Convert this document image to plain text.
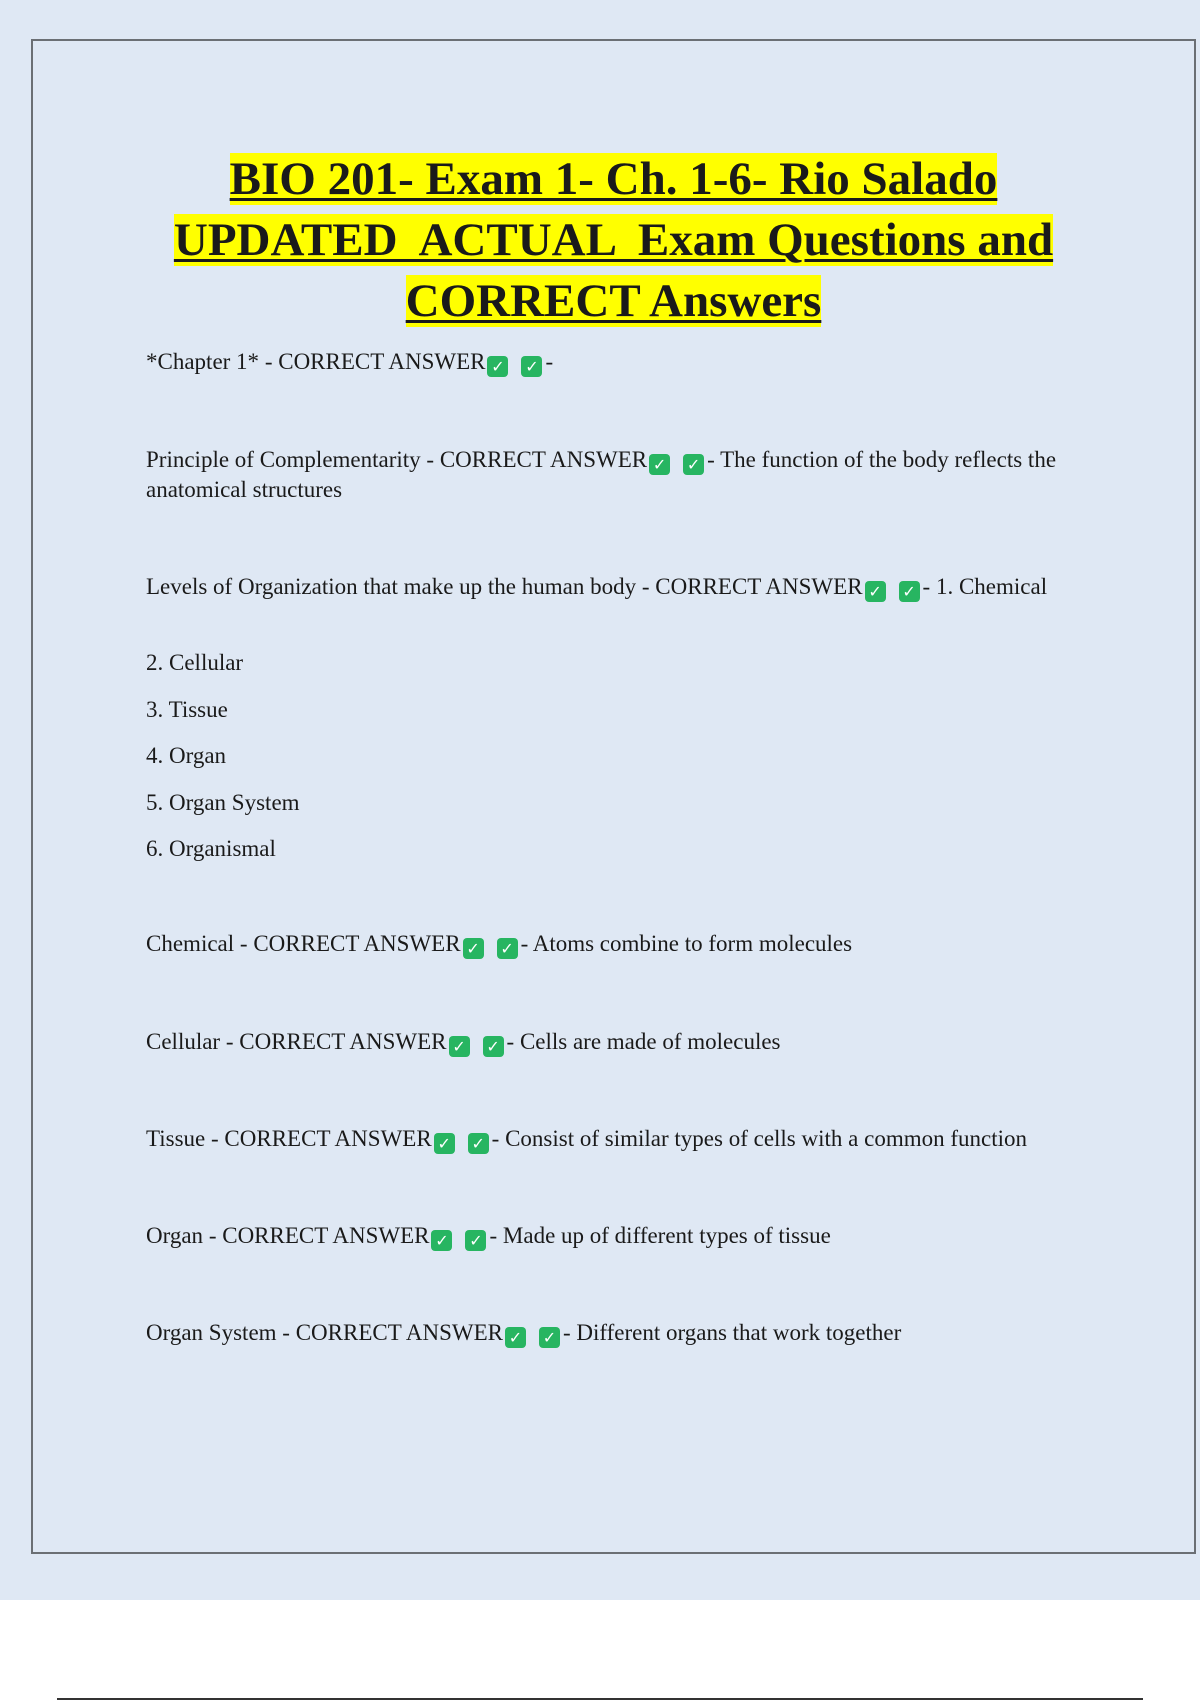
BIO 201- Exam 1- Ch. 1-6- Rio Salado
UPDATED  ACTUAL  Exam Questions and
CORRECT Answers

*Chapter 1* - CORRECT ANSWER ✓ ✓ -

Principle of Complementarity - CORRECT ANSWER ✓ ✓ - The function of the body reflects the anatomical structures

Levels of Organization that make up the human body - CORRECT ANSWER ✓ ✓ - 1. Chemical

2. Cellular

3. Tissue

4. Organ

5. Organ System

6. Organismal

Chemical - CORRECT ANSWER ✓ ✓ - Atoms combine to form molecules

Cellular - CORRECT ANSWER ✓ ✓ - Cells are made of molecules

Tissue - CORRECT ANSWER ✓ ✓ - Consist of similar types of cells with a common function

Organ - CORRECT ANSWER ✓ ✓ - Made up of different types of tissue

Organ System - CORRECT ANSWER ✓ ✓ - Different organs that work together
